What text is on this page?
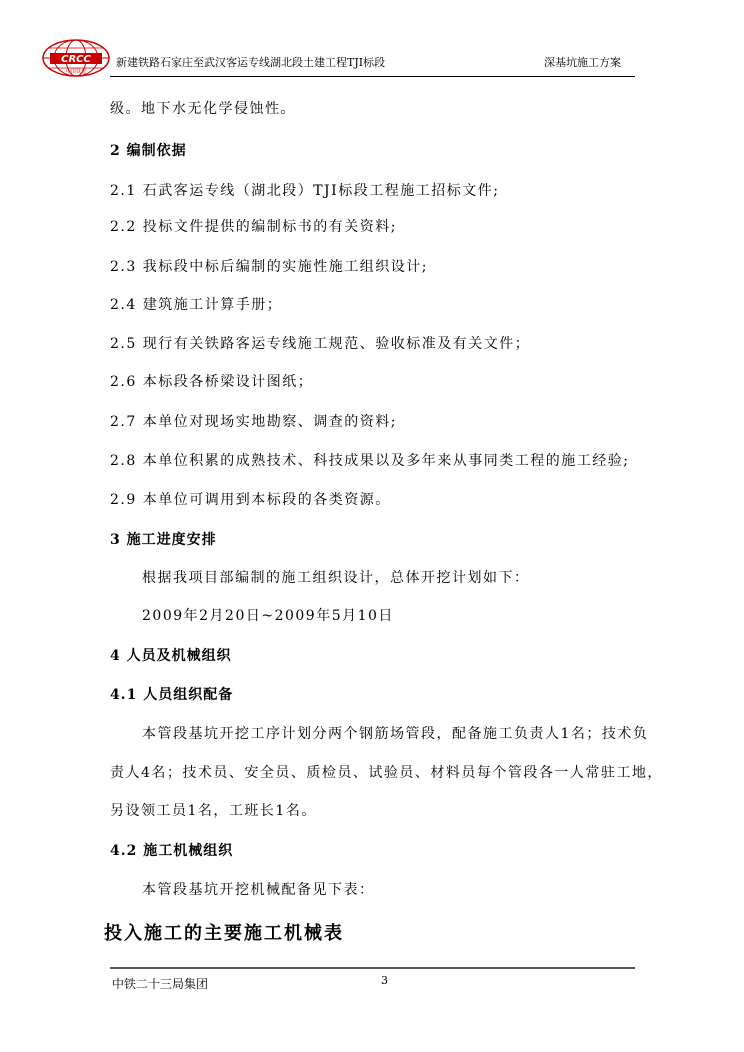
CRCC
中国铁建
新建铁路石家庄至武汉客运专线湖北段土建工程TJI标段	深基坑施工方案
级。地下水无化学侵蚀性。
2 编制依据
2.1 石武客运专线（湖北段）TJI标段工程施工招标文件;
2.2 投标文件提供的编制标书的有关资料;
2.3 我标段中标后编制的实施性施工组织设计;
2.4 建筑施工计算手册；
2.5 现行有关铁路客运专线施工规范、验收标准及有关文件；
2.6 本标段各桥梁设计图纸；
2.7 本单位对现场实地勘察、调查的资料;
2.8 本单位积累的成熟技术、科技成果以及多年来从事同类工程的施工经验;
2.9 本单位可调用到本标段的各类资源。
3 施工进度安排
根据我项目部编制的施工组织设计，总体开挖计划如下：
2009年2月20日~2009年5月10日
4 人员及机械组织
4.1 人员组织配备
本管段基坑开挖工序计划分两个钢筋场管段，配备施工负责人1名；技术负
责人4名；技术员、安全员、质检员、试验员、材料员每个管段各一人常驻工地，
另设领工员1名，工班长1名。
4.2 施工机械组织
本管段基坑开挖机械配备见下表：
投入施工的主要施工机械表
中铁二十三局集团	3
